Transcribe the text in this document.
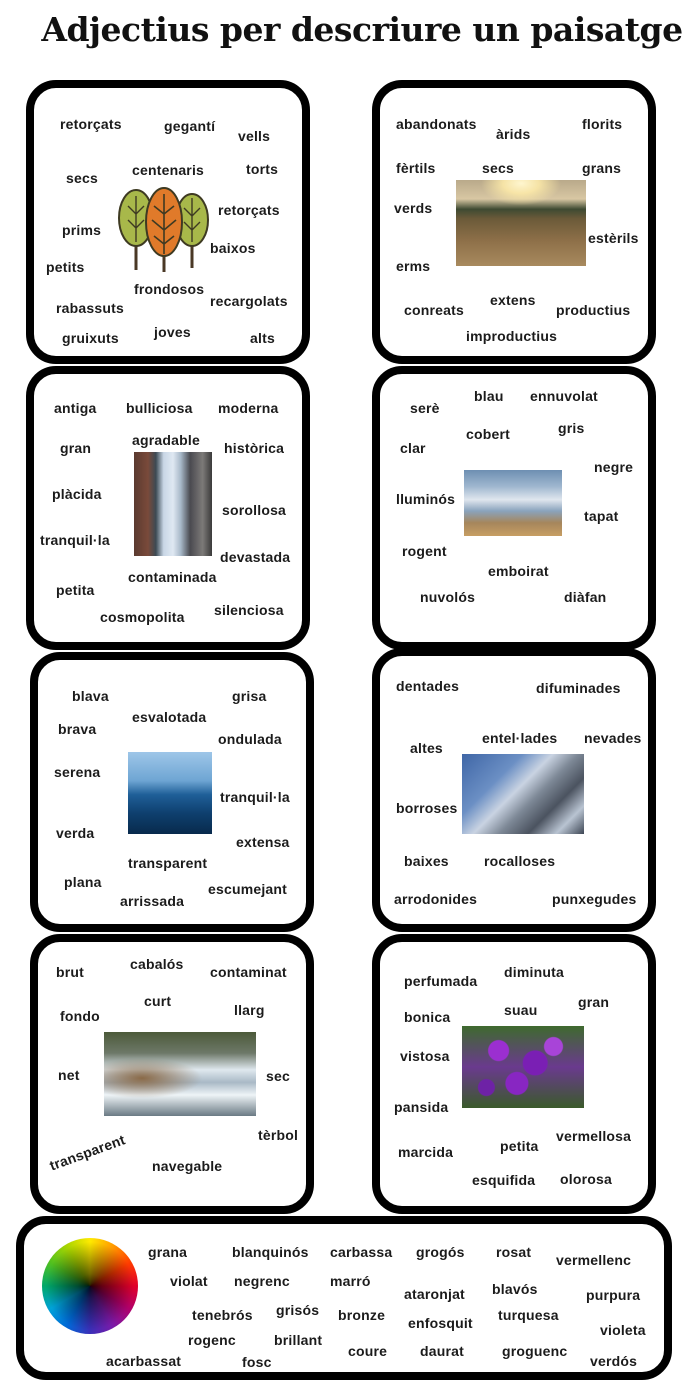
Adjectius per descriure un paisatge
retorçats	gegantí
vells
secs centenaris	torts
retorçats
prims
baixos
petits
frondosos
recargolats
rabassuts
gruixuts	joves	alts
abandonats
àrids
florits
fèrtils	secs	grans
verds
estèrils
erms
extens
conreats	productius
improductius
antiga bulliciosa moderna
gran	agradable històrica
plàcida
sorollosa
tranquil·la
devastada
contaminada
petita
cosmopolita silenciosa
blau ennuvolat
serè
gris
cobert
clar
negre
lluminós
tapat
rogent
emboirat
nuvolós	diàfan
blava	grisa
esvalotada
brava
ondulada
serena
tranquil·la
verda
extensa
transparent
plana	escumejant
arrissada
dentades	difuminades
entel·lades nevades
altes
borroses
baixes	rocalloses
arrodonides	punxegudes
brut	cabalós contaminat
curt
fondo	llarg
net	sec
tèrbol
transparent navegable
diminuta
perfumada
gran
suau
bonica
vistosa
pansida
vermellosa
petita
marcida
esquifida olorosa
grana	blanquinós carbassa grogós rosat vermellenc
violat negrenc	marró
ataronjat blavós	purpura
tenebrós grisós bronze enfosquit turquesa
violeta
rogenc	brillant
coure daurat	groguenc
acarbassat	fosc	verdós
